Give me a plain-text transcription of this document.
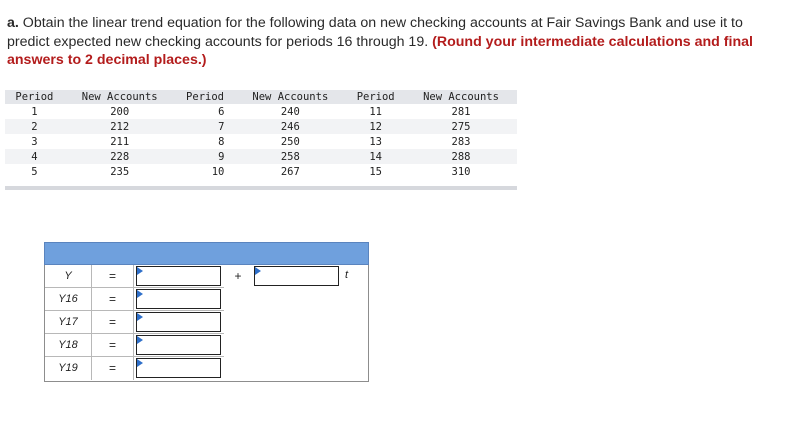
a. Obtain the linear trend equation for the following data on new checking accounts at Fair Savings Bank and use it to predict expected new checking accounts for periods 16 through 19. (Round your intermediate calculations and final answers to 2 decimal places.)
Period	New Accounts	Period	New Accounts	Period	New Accounts
1	200	6	240	11	281
2	212	7	246	12	275
3	211	8	250	13	283
4	228	9	258	14	288
5	235	10	267	15	310
Y	=	+	t
Y16	=
Y17	=
Y18	=
Y19	=
